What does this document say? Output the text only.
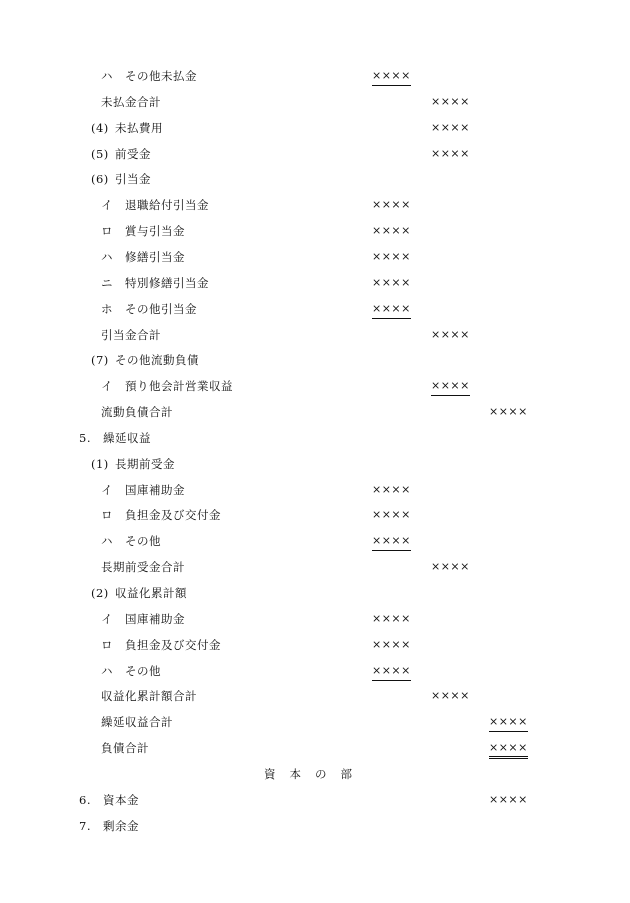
ハ その他未払金	××××
未払金合計	××××
(4) 未払費用	××××
(5) 前受金	××××
(6) 引当金
イ 退職給付引当金	××××
ロ 賞与引当金	××××
ハ 修繕引当金	××××
ニ 特別修繕引当金	××××
ホ その他引当金	××××
引当金合計	××××
(7) その他流動負債
イ 預り他会計営業収益	××××
流動負債合計	××××
5. 繰延収益
(1) 長期前受金
イ 国庫補助金	××××
ロ 負担金及び交付金	××××
ハ その他	××××
長期前受金合計	××××
(2) 収益化累計額
イ 国庫補助金	××××
ロ 負担金及び交付金	××××
ハ その他	××××
収益化累計額合計	××××
繰延収益合計	××××
負債合計	××××
資本の部
6. 資本金	××××
7. 剰余金
